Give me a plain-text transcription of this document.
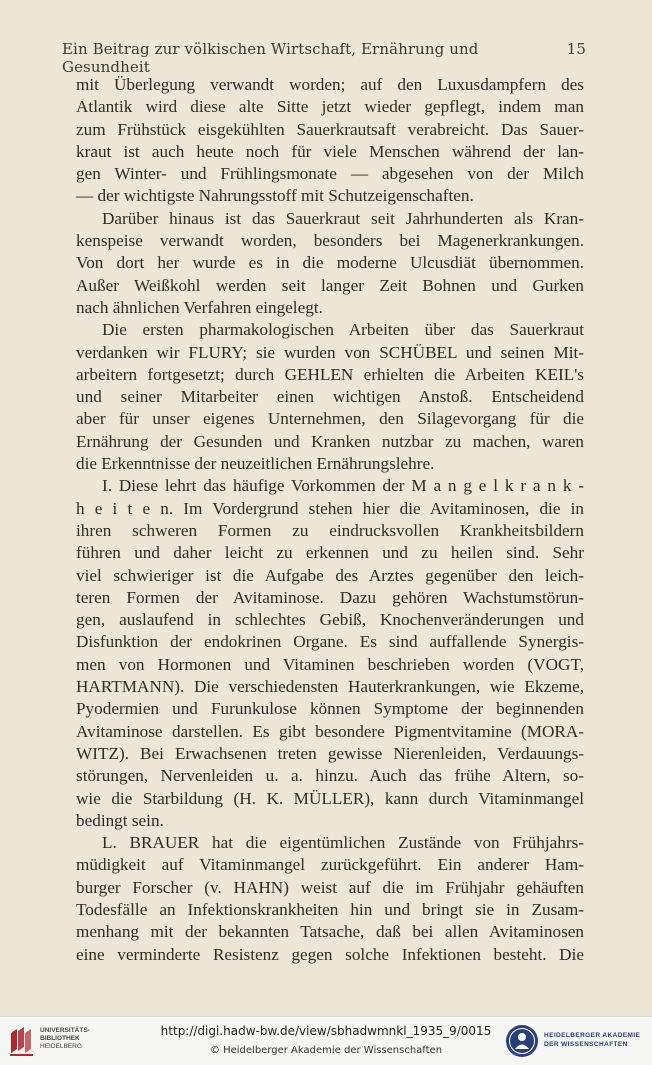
Ein Beitrag zur völkischen Wirtschaft, Ernährung und Gesundheit
15
mit Überlegung verwandt worden; auf den Luxusdampfern des
Atlantik wird diese alte Sitte jetzt wieder gepflegt, indem man
zum Frühstück eisgekühlten Sauerkrautsaft verabreicht. Das Sauer-
kraut ist auch heute noch für viele Menschen während der lan-
gen Winter- und Frühlingsmonate — abgesehen von der Milch
— der wichtigste Nahrungsstoff mit Schutzeigenschaften.
Darüber hinaus ist das Sauerkraut seit Jahrhunderten als Kran-
kenspeise verwandt worden, besonders bei Magenerkrankungen.
Von dort her wurde es in die moderne Ulcusdiät übernommen.
Außer Weißkohl werden seit langer Zeit Bohnen und Gurken
nach ähnlichen Verfahren eingelegt.
Die ersten pharmakologischen Arbeiten über das Sauerkraut
verdanken wir FLURY; sie wurden von SCHÜBEL und seinen Mit-
arbeitern fortgesetzt; durch GEHLEN erhielten die Arbeiten KEIL's
und seiner Mitarbeiter einen wichtigen Anstoß. Entscheidend
aber für unser eigenes Unternehmen, den Silagevorgang für die
Ernährung der Gesunden und Kranken nutzbar zu machen, waren
die Erkenntnisse der neuzeitlichen Ernährungslehre.
I. Diese lehrt das häufige Vorkommen der M a n g e l k r a n k -
h e i t e n. Im Vordergrund stehen hier die Avitaminosen, die in
ihren schweren Formen zu eindrucksvollen Krankheitsbildern
führen und daher leicht zu erkennen und zu heilen sind. Sehr
viel schwieriger ist die Aufgabe des Arztes gegenüber den leich-
teren Formen der Avitaminose. Dazu gehören Wachstumstörun-
gen, auslaufend in schlechtes Gebiß, Knochenveränderungen und
Disfunktion der endokrinen Organe. Es sind auffallende Synergis-
men von Hormonen und Vitaminen beschrieben worden (VOGT,
HARTMANN). Die verschiedensten Hauterkrankungen, wie Ekzeme,
Pyodermien und Furunkulose können Symptome der beginnenden
Avitaminose darstellen. Es gibt besondere Pigmentvitamine (MORA-
WITZ). Bei Erwachsenen treten gewisse Nierenleiden, Verdauungs-
störungen, Nervenleiden u. a. hinzu. Auch das frühe Altern, so-
wie die Starbildung (H. K. MÜLLER), kann durch Vitaminmangel
bedingt sein.
L. BRAUER hat die eigentümlichen Zustände von Frühjahrs-
müdigkeit auf Vitaminmangel zurückgeführt. Ein anderer Ham-
burger Forscher (v. HAHN) weist auf die im Frühjahr gehäuften
Todesfälle an Infektionskrankheiten hin und bringt sie in Zusam-
menhang mit der bekannten Tatsache, daß bei allen Avitaminosen
eine verminderte Resistenz gegen solche Infektionen besteht. Die
UNIVERSITÄTS-
BIBLIOTHEK
HEIDELBERG
http://digi.hadw-bw.de/view/sbhadwmnkl_1935_9/0015
© Heidelberger Akademie der Wissenschaften
HEIDELBERGER AKADEMIE
DER WISSENSCHAFTEN
